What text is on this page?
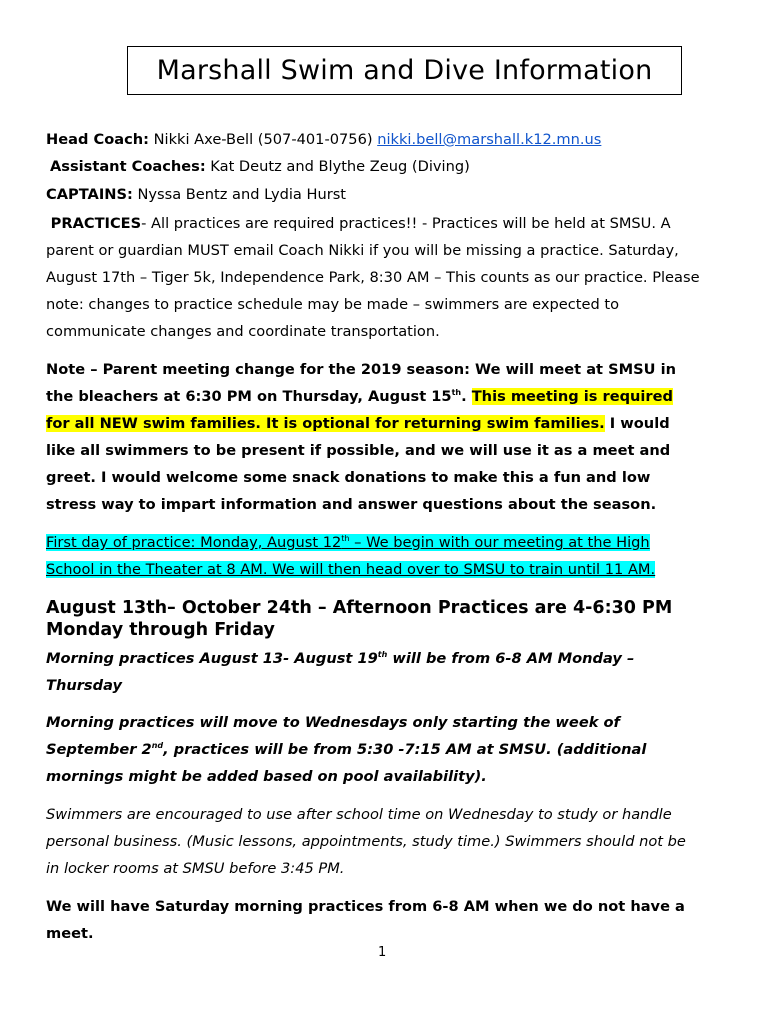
Marshall Swim and Dive Information
Head Coach: Nikki Axe-Bell (507-401-0756) nikki.bell@marshall.k12.mn.us
Assistant Coaches: Kat Deutz and Blythe Zeug (Diving)
CAPTAINS: Nyssa Bentz and Lydia Hurst
PRACTICES- All practices are required practices!! - Practices will be held at SMSU. A
parent or guardian MUST email Coach Nikki if you will be missing a practice. Saturday,
August 17th – Tiger 5k, Independence Park, 8:30 AM – This counts as our practice. Please
note: changes to practice schedule may be made – swimmers are expected to
communicate changes and coordinate transportation.
Note – Parent meeting change for the 2019 season: We will meet at SMSU in
the bleachers at 6:30 PM on Thursday, August 15th. This meeting is required
for all NEW swim families. It is optional for returning swim families. I would
like all swimmers to be present if possible, and we will use it as a meet and
greet. I would welcome some snack donations to make this a fun and low
stress way to impart information and answer questions about the season.
First day of practice: Monday, August 12th – We begin with our meeting at the High
School in the Theater at 8 AM. We will then head over to SMSU to train until 11 AM.
August 13th– October 24th – Afternoon Practices are 4-6:30 PM
Monday through Friday
Morning practices August 13- August 19th will be from 6-8 AM Monday –
Thursday
Morning practices will move to Wednesdays only starting the week of
September 2nd, practices will be from 5:30 -7:15 AM at SMSU. (additional
mornings might be added based on pool availability).
Swimmers are encouraged to use after school time on Wednesday to study or handle
personal business. (Music lessons, appointments, study time.) Swimmers should not be
in locker rooms at SMSU before 3:45 PM.
We will have Saturday morning practices from 6-8 AM when we do not have a
meet.
1
